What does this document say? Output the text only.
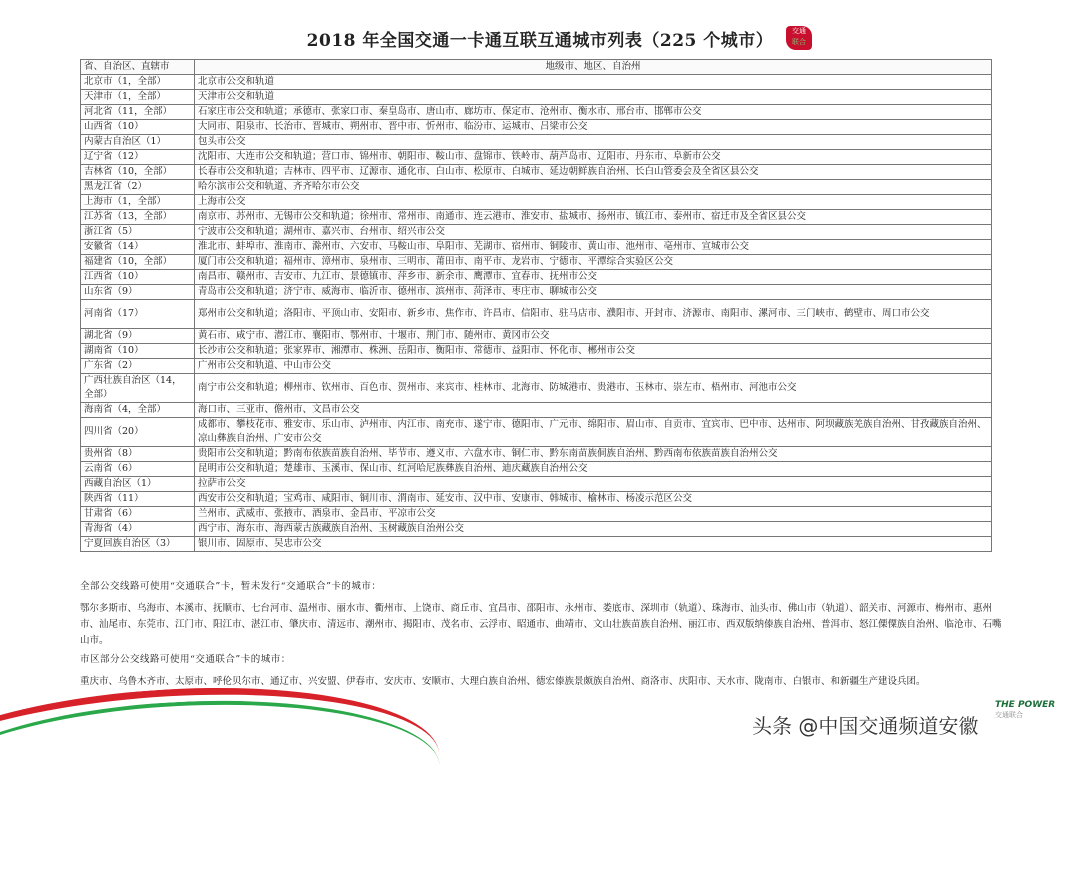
2018 年全国交通一卡通互联互通城市列表（225 个城市）	交通
联合
省、自治区、直辖市	地级市、地区、自治州
北京市（1，全部）	北京市公交和轨道
天津市（1，全部）	天津市公交和轨道
河北省（11，全部）	石家庄市公交和轨道；承德市、张家口市、秦皇岛市、唐山市、廊坊市、保定市、沧州市、衡水市、邢台市、邯郸市公交
山西省（10）	大同市、阳泉市、长治市、晋城市、朔州市、晋中市、忻州市、临汾市、运城市、吕梁市公交
内蒙古自治区（1）	包头市公交
辽宁省（12）	沈阳市、大连市公交和轨道；营口市、锦州市、朝阳市、鞍山市、盘锦市、铁岭市、葫芦岛市、辽阳市、丹东市、阜新市公交
吉林省（10，全部）	长春市公交和轨道；吉林市、四平市、辽源市、通化市、白山市、松原市、白城市、延边朝鲜族自治州、长白山管委会及全省区县公交
黑龙江省（2）	哈尔滨市公交和轨道、齐齐哈尔市公交
上海市（1，全部）	上海市公交
江苏省（13，全部）	南京市、苏州市、无锡市公交和轨道；徐州市、常州市、南通市、连云港市、淮安市、盐城市、扬州市、镇江市、泰州市、宿迁市及全省区县公交
浙江省（5）	宁波市公交和轨道；湖州市、嘉兴市、台州市、绍兴市公交
安徽省（14）	淮北市、蚌埠市、淮南市、滁州市、六安市、马鞍山市、阜阳市、芜湖市、宿州市、铜陵市、黄山市、池州市、亳州市、宣城市公交
福建省（10，全部）	厦门市公交和轨道；福州市、漳州市、泉州市、三明市、莆田市、南平市、龙岩市、宁德市、平潭综合实验区公交
江西省（10）	南昌市、赣州市、吉安市、九江市、景德镇市、萍乡市、新余市、鹰潭市、宜春市、抚州市公交
山东省（9）	青岛市公交和轨道；济宁市、威海市、临沂市、德州市、滨州市、菏泽市、枣庄市、聊城市公交
河南省（17）	郑州市公交和轨道；洛阳市、平顶山市、安阳市、新乡市、焦作市、许昌市、信阳市、驻马店市、濮阳市、开封市、济源市、南阳市、漯河市、三门峡市、鹤壁市、周口市公交
湖北省（9）	黄石市、咸宁市、潜江市、襄阳市、鄂州市、十堰市、荆门市、随州市、黄冈市公交
湖南省（10）	长沙市公交和轨道；张家界市、湘潭市、株洲、岳阳市、衡阳市、常德市、益阳市、怀化市、郴州市公交
广东省（2）	广州市公交和轨道、中山市公交
广西壮族自治区（14，全部）	南宁市公交和轨道；柳州市、钦州市、百色市、贺州市、来宾市、桂林市、北海市、防城港市、贵港市、玉林市、崇左市、梧州市、河池市公交
海南省（4，全部）	海口市、三亚市、儋州市、文昌市公交
四川省（20）	成都市、攀枝花市、雅安市、乐山市、泸州市、内江市、南充市、遂宁市、德阳市、广元市、绵阳市、眉山市、自贡市、宜宾市、巴中市、达州市、阿坝藏族羌族自治州、甘孜藏族自治州、凉山彝族自治州、广安市公交
贵州省（8）	贵阳市公交和轨道；黔南布依族苗族自治州、毕节市、遵义市、六盘水市、铜仁市、黔东南苗族侗族自治州、黔西南布依族苗族自治州公交
云南省（6）	昆明市公交和轨道；楚雄市、玉溪市、保山市、红河哈尼族彝族自治州、迪庆藏族自治州公交
西藏自治区（1）	拉萨市公交
陕西省（11）	西安市公交和轨道；宝鸡市、咸阳市、铜川市、渭南市、延安市、汉中市、安康市、韩城市、榆林市、杨凌示范区公交
甘肃省（6）	兰州市、武威市、张掖市、酒泉市、金昌市、平凉市公交
青海省（4）	西宁市、海东市、海西蒙古族藏族自治州、玉树藏族自治州公交
宁夏回族自治区（3）	银川市、固原市、吴忠市公交
全部公交线路可使用“交通联合”卡，暂未发行“交通联合”卡的城市：
鄂尔多斯市、乌海市、本溪市、抚顺市、七台河市、温州市、丽水市、衢州市、上饶市、商丘市、宜昌市、邵阳市、永州市、娄底市、深圳市（轨道）、珠海市、汕头市、佛山市（轨道）、韶关市、河源市、梅州市、惠州市、汕尾市、东莞市、江门市、阳江市、湛江市、肇庆市、清远市、潮州市、揭阳市、茂名市、云浮市、昭通市、曲靖市、文山壮族苗族自治州、丽江市、西双版纳傣族自治州、普洱市、怒江傈僳族自治州、临沧市、石嘴山市。
市区部分公交线路可使用“交通联合”卡的城市：
重庆市、乌鲁木齐市、太原市、呼伦贝尔市、通辽市、兴安盟、伊春市、安庆市、安顺市、大理白族自治州、德宏傣族景颇族自治州、商洛市、庆阳市、天水市、陇南市、白银市、和新疆生产建设兵团。
THE POWER
交通联合
头条 @中国交通频道安徽
